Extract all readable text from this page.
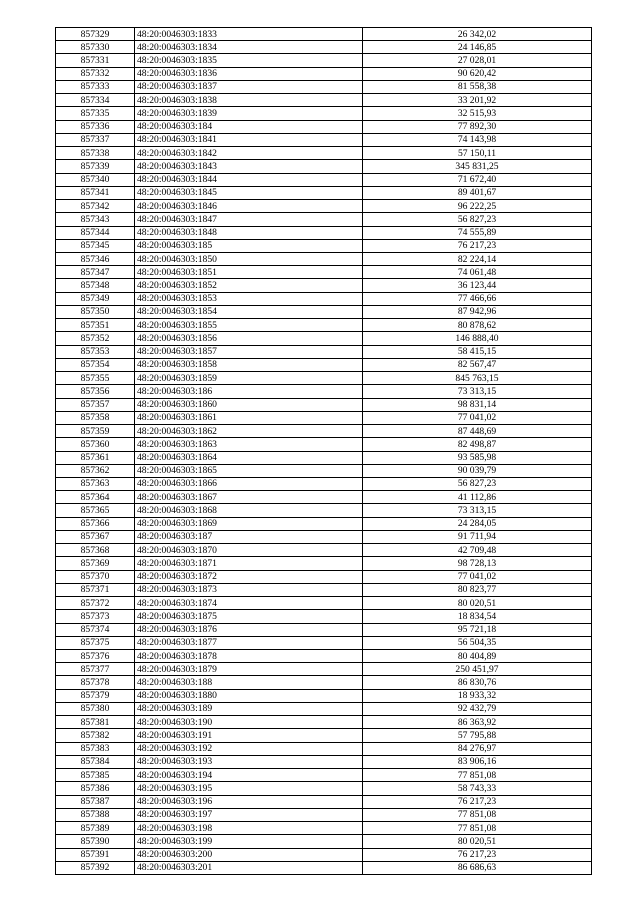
857329	48:20:0046303:1833	26 342,02
857330	48:20:0046303:1834	24 146,85
857331	48:20:0046303:1835	27 028,01
857332	48:20:0046303:1836	90 620,42
857333	48:20:0046303:1837	81 558,38
857334	48:20:0046303:1838	33 201,92
857335	48:20:0046303:1839	32 515,93
857336	48:20:0046303:184	77 892,30
857337	48:20:0046303:1841	74 143,98
857338	48:20:0046303:1842	57 150,11
857339	48:20:0046303:1843	345 831,25
857340	48:20:0046303:1844	71 672,40
857341	48:20:0046303:1845	89 401,67
857342	48:20:0046303:1846	96 222,25
857343	48:20:0046303:1847	56 827,23
857344	48:20:0046303:1848	74 555,89
857345	48:20:0046303:185	76 217,23
857346	48:20:0046303:1850	82 224,14
857347	48:20:0046303:1851	74 061,48
857348	48:20:0046303:1852	36 123,44
857349	48:20:0046303:1853	77 466,66
857350	48:20:0046303:1854	87 942,96
857351	48:20:0046303:1855	80 878,62
857352	48:20:0046303:1856	146 888,40
857353	48:20:0046303:1857	58 415,15
857354	48:20:0046303:1858	82 567,47
857355	48:20:0046303:1859	845 763,15
857356	48:20:0046303:186	73 313,15
857357	48:20:0046303:1860	98 831,14
857358	48:20:0046303:1861	77 041,02
857359	48:20:0046303:1862	87 448,69
857360	48:20:0046303:1863	82 498,87
857361	48:20:0046303:1864	93 585,98
857362	48:20:0046303:1865	90 039,79
857363	48:20:0046303:1866	56 827,23
857364	48:20:0046303:1867	41 112,86
857365	48:20:0046303:1868	73 313,15
857366	48:20:0046303:1869	24 284,05
857367	48:20:0046303:187	91 711,94
857368	48:20:0046303:1870	42 709,48
857369	48:20:0046303:1871	98 728,13
857370	48:20:0046303:1872	77 041,02
857371	48:20:0046303:1873	80 823,77
857372	48:20:0046303:1874	80 020,51
857373	48:20:0046303:1875	18 834,54
857374	48:20:0046303:1876	95 721,18
857375	48:20:0046303:1877	56 504,35
857376	48:20:0046303:1878	80 404,89
857377	48:20:0046303:1879	250 451,97
857378	48:20:0046303:188	86 830,76
857379	48:20:0046303:1880	18 933,32
857380	48:20:0046303:189	92 432,79
857381	48:20:0046303:190	86 363,92
857382	48:20:0046303:191	57 795,88
857383	48:20:0046303:192	84 276,97
857384	48:20:0046303:193	83 906,16
857385	48:20:0046303:194	77 851,08
857386	48:20:0046303:195	58 743,33
857387	48:20:0046303:196	76 217,23
857388	48:20:0046303:197	77 851,08
857389	48:20:0046303:198	77 851,08
857390	48:20:0046303:199	80 020,51
857391	48:20:0046303:200	76 217,23
857392	48:20:0046303:201	86 686,63
